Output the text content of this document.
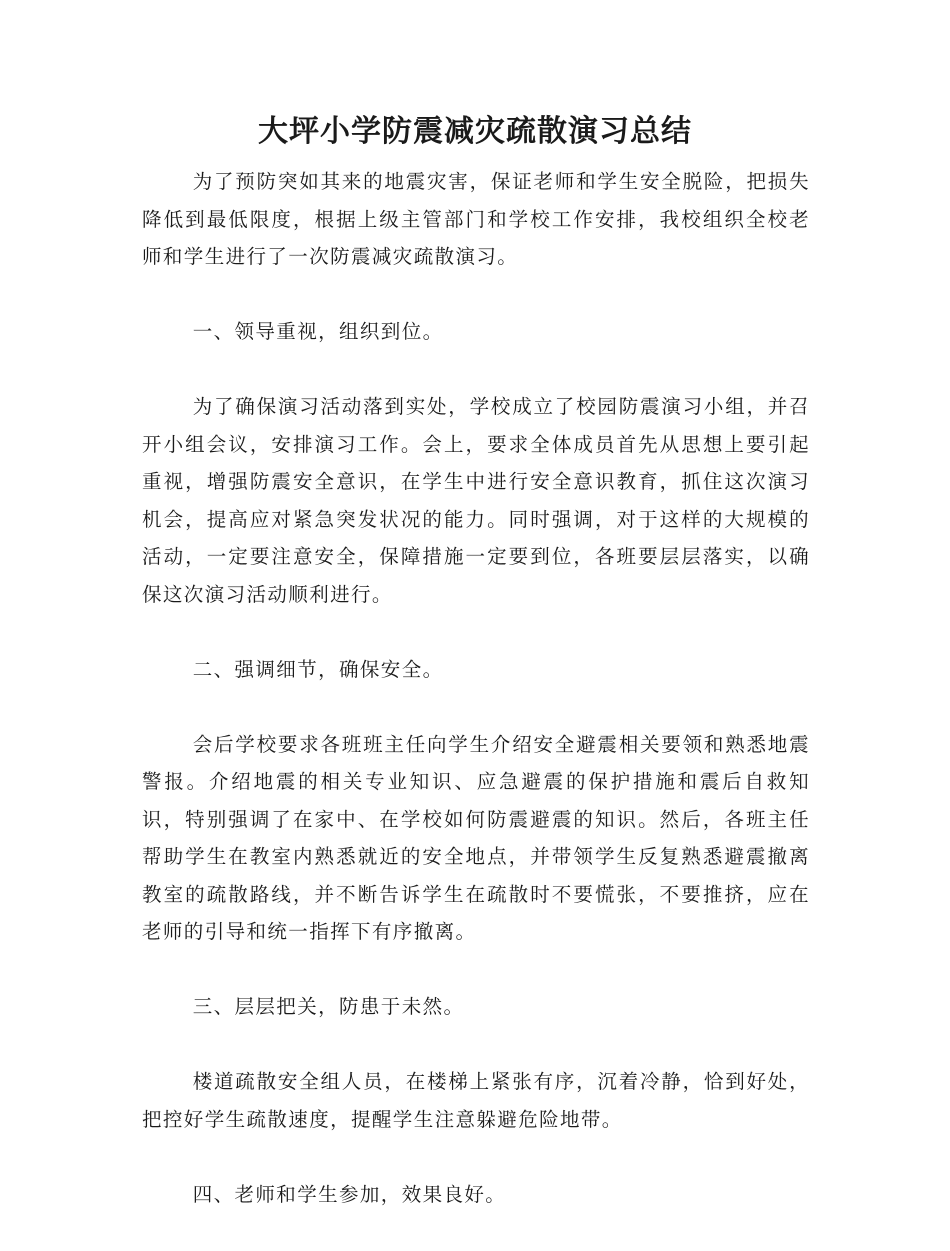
大坪小学防震减灾疏散演习总结

为了预防突如其来的地震灾害，保证老师和学生安全脱险，把损失降低到最低限度，根据上级主管部门和学校工作安排，我校组织全校老师和学生进行了一次防震减灾疏散演习。

一、领导重视，组织到位。

为了确保演习活动落到实处，学校成立了校园防震演习小组，并召开小组会议，安排演习工作。会上，要求全体成员首先从思想上要引起重视，增强防震安全意识，在学生中进行安全意识教育，抓住这次演习机会，提高应对紧急突发状况的能力。同时强调，对于这样的大规模的活动，一定要注意安全，保障措施一定要到位，各班要层层落实，以确保这次演习活动顺利进行。

二、强调细节，确保安全。

会后学校要求各班班主任向学生介绍安全避震相关要领和熟悉地震警报。介绍地震的相关专业知识、应急避震的保护措施和震后自救知识，特别强调了在家中、在学校如何防震避震的知识。然后，各班主任帮助学生在教室内熟悉就近的安全地点，并带领学生反复熟悉避震撤离教室的疏散路线，并不断告诉学生在疏散时不要慌张，不要推挤，应在老师的引导和统一指挥下有序撤离。

三、层层把关，防患于未然。

楼道疏散安全组人员，在楼梯上紧张有序，沉着冷静，恰到好处，把控好学生疏散速度，提醒学生注意躲避危险地带。

四、老师和学生参加，效果良好。
